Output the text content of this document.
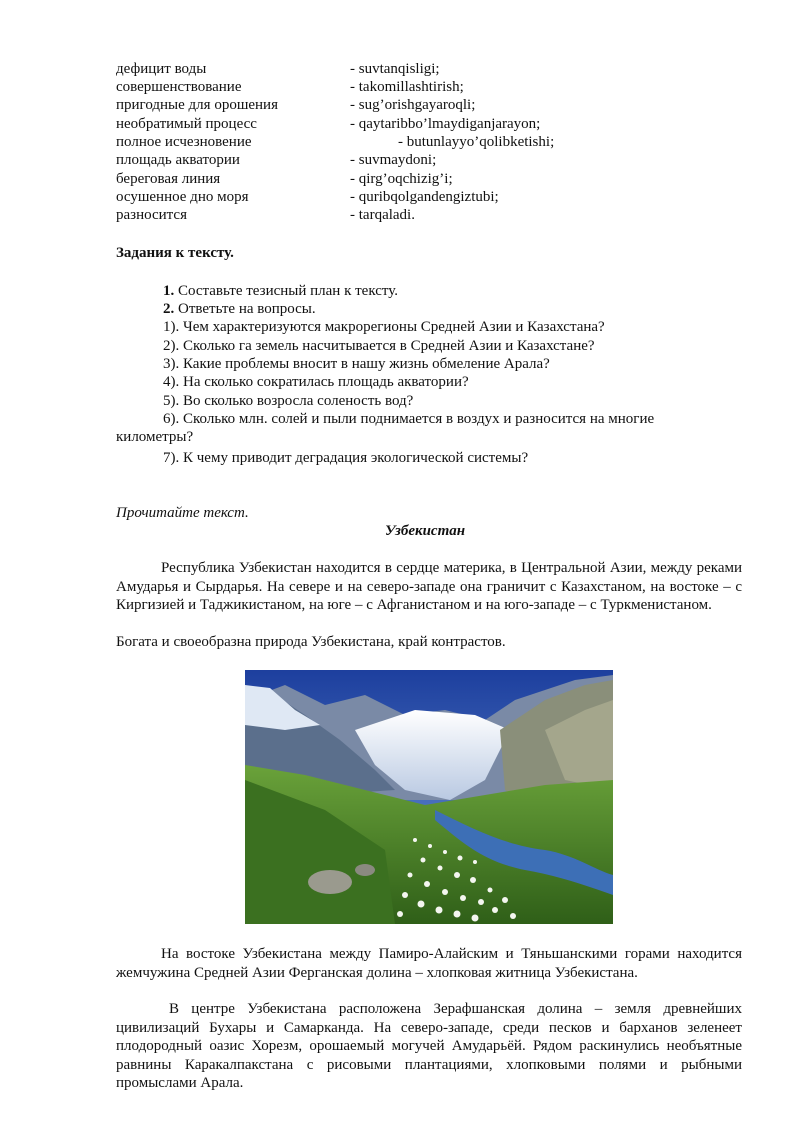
дефицит воды	- suvtanqisligi;

совершенствование	- takomillashtirish;

пригодные для орошения	- sug’orishgayaroqli;

необратимый процесс	- qaytaribbo’lmaydiganjarayon;

полное исчезновение	- butunlayyo’qolibketishi;

площадь акватории	- suvmaydoni;

береговая линия	- qirg’oqchizig’i;

осушенное дно моря	- quribqolgandengiztubi;

разносится	- tarqaladi.

Задания к тексту.

1. Составьте тезисный план к тексту.

2. Ответьте на вопросы.

1). Чем характеризуются макрорегионы Средней Азии и Казахстана?

2). Сколько га земель насчитывается в Средней Азии и Казахстане?

3). Какие проблемы вносит в нашу жизнь обмеление Арала?

4). На сколько сократилась площадь акватории?

5). Во сколько возросла соленость вод?

6). Сколько млн. солей и пыли поднимается в воздух и разносится на многие

километры?

7). К чему приводит деградация экологической системы?

Прочитайте текст.

Узбекистан

Республика Узбекистан находится в сердце материка, в Центральной Азии, между реками Амударья и Сырдарья. На севере и на северо-западе она граничит с Казахстаном, на востоке – с Киргизией и Таджикистаном, на юге – с Афганистаном и на юго-западе – с Туркменистаном.

Богата и своеобразна природа Узбекистана, край контрастов.

На востоке Узбекистана между Памиро-Алайским и Тяньшанскими горами находится жемчужина Средней Азии Ферганская долина – хлопковая житница Узбекистана.

В центре Узбекистана расположена Зерафшанская долина – земля древнейших цивилизаций Бухары и Самарканда. На северо-западе, среди песков и барханов зеленеет плодородный оазис Хорезм, орошаемый могучей Амударьёй. Рядом раскинулись необъятные равнины Каракалпакстана с рисовыми плантациями, хлопковыми полями и рыбными промыслами Арала.
